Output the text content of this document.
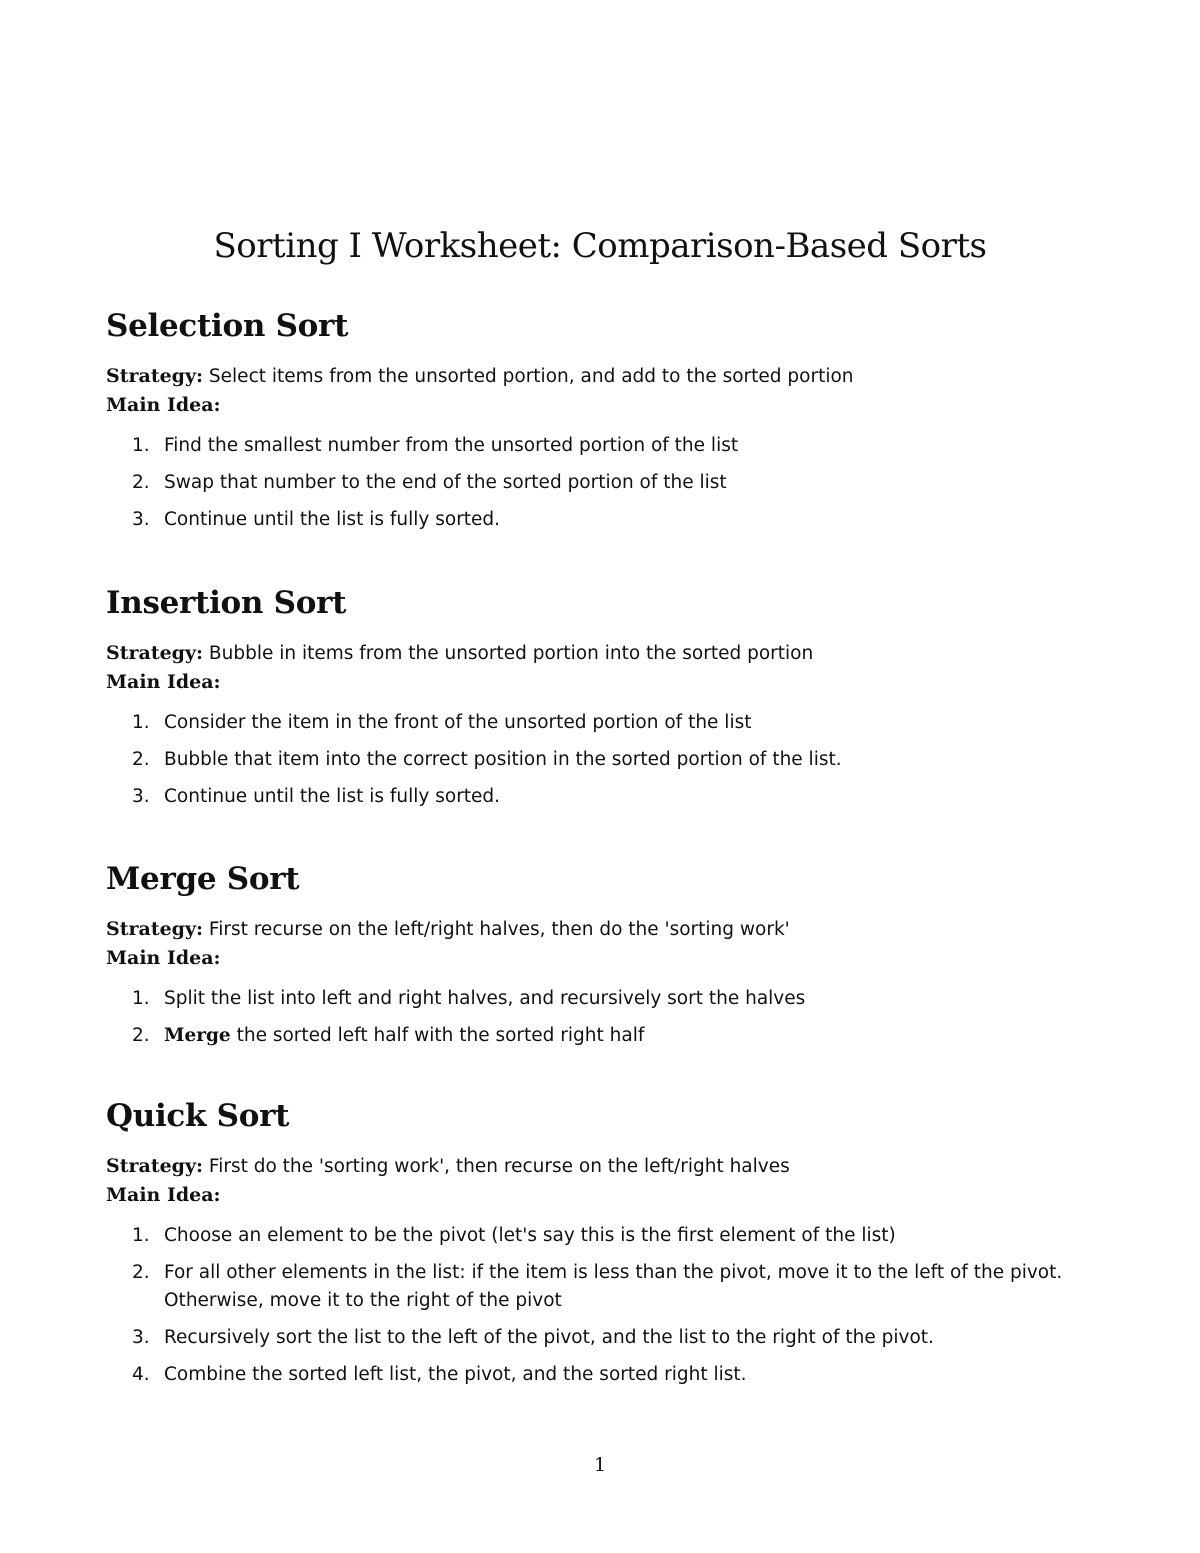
Sorting I Worksheet: Comparison-Based Sorts
Selection Sort

Strategy: Select items from the unsorted portion, and add to the sorted portion

Main Idea:

1. Find the smallest number from the unsorted portion of the list
2. Swap that number to the end of the sorted portion of the list
3. Continue until the list is fully sorted.
Insertion Sort

Strategy: Bubble in items from the unsorted portion into the sorted portion

Main Idea:

1. Consider the item in the front of the unsorted portion of the list
2. Bubble that item into the correct position in the sorted portion of the list.
3. Continue until the list is fully sorted.
Merge Sort

Strategy: First recurse on the left/right halves, then do the 'sorting work'

Main Idea:

1. Split the list into left and right halves, and recursively sort the halves
2. Merge the sorted left half with the sorted right half
Quick Sort

Strategy: First do the 'sorting work', then recurse on the left/right halves

Main Idea:

1. Choose an element to be the pivot (let's say this is the first element of the list)
2. For all other elements in the list: if the item is less than the pivot, move it to the left of the pivot. Otherwise, move it to the right of the pivot
3. Recursively sort the list to the left of the pivot, and the list to the right of the pivot.
4. Combine the sorted left list, the pivot, and the sorted right list.
1
